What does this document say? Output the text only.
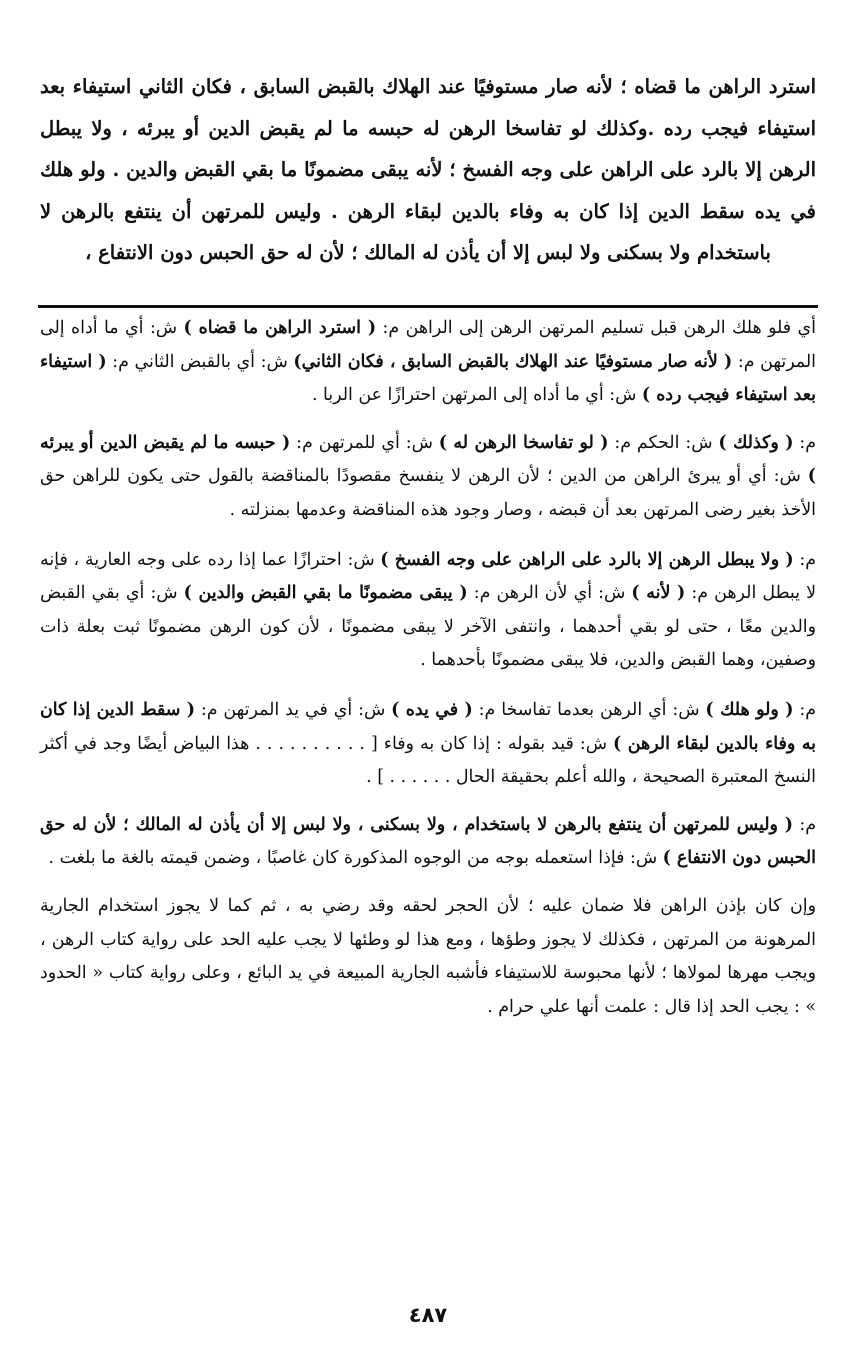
استرد الراهن ما قضاه ؛ لأنه صار مستوفيًا عند الهلاك بالقبض السابق ، فكان الثاني استيفاء بعد استيفاء فيجب رده .وكذلك لو تفاسخا الرهن له حبسه ما لم يقبض الدين أو يبرئه ، ولا يبطل الرهن إلا بالرد على الراهن على وجه الفسخ ؛ لأنه يبقى مضمونًا ما بقي القبض والدين . ولو هلك في يده سقط الدين إذا كان به وفاء بالدين لبقاء الرهن . وليس للمرتهن أن ينتفع بالرهن لا باستخدام ولا بسكنى ولا لبس إلا أن يأذن له المالك ؛ لأن له حق الحبس دون الانتفاع ،

أي فلو هلك الرهن قبل تسليم المرتهن الرهن إلى الراهن م: ( استرد الراهن ما قضاه ) ش: أي ما أداه إلى المرتهن م: ( لأنه صار مستوفيًا عند الهلاك بالقبض السابق ، فكان الثاني) ش: أي بالقبض الثاني م: ( استيفاء بعد استيفاء فيجب رده ) ش: أي ما أداه إلى المرتهن احترازًا عن الربا .

م: ( وكذلك ) ش: الحكم م: ( لو تفاسخا الرهن له ) ش: أي للمرتهن م: ( حبسه ما لم يقبض الدين أو يبرئه ) ش: أي أو يبرئ الراهن من الدين ؛ لأن الرهن لا ينفسخ مقصودًا بالمناقضة بالقول حتى يكون للراهن حق الأخذ بغير رضى المرتهن بعد أن قبضه ، وصار وجود هذه المناقضة وعدمها بمنزلته .

م: ( ولا يبطل الرهن إلا بالرد على الراهن على وجه الفسخ ) ش: احترازًا عما إذا رده على وجه العارية ، فإنه لا يبطل الرهن م: ( لأنه ) ش: أي لأن الرهن م: ( يبقى مضمونًا ما بقي القبض والدين ) ش: أي بقي القبض والدين معًا ، حتى لو بقي أحدهما ، وانتفى الآخر لا يبقى مضمونًا ، لأن كون الرهن مضمونًا ثبت بعلة ذات وصفين، وهما القبض والدين، فلا يبقى مضمونًا بأحدهما .

م: ( ولو هلك ) ش: أي الرهن بعدما تفاسخا م: ( في يده ) ش: أي في يد المرتهن م: ( سقط الدين إذا كان به وفاء بالدين لبقاء الرهن ) ش: قيد بقوله : إذا كان به وفاء [ . . . . . . . . . . هذا البياض أيضًا وجد في أكثر النسخ المعتبرة الصحيحة ، والله أعلم بحقيقة الحال . . . . . . ] .

م: ( وليس للمرتهن أن ينتفع بالرهن لا باستخدام ، ولا بسكنى ، ولا لبس إلا أن يأذن له المالك ؛ لأن له حق الحبس دون الانتفاع ) ش: فإذا استعمله بوجه من الوجوه المذكورة كان غاصبًا ، وضمن قيمته بالغة ما بلغت .

وإن كان بإذن الراهن فلا ضمان عليه ؛ لأن الحجر لحقه وقد رضي به ، ثم كما لا يجوز استخدام الجارية المرهونة من المرتهن ، فكذلك لا يجوز وطؤها ، ومع هذا لو وطئها لا يجب عليه الحد على رواية كتاب الرهن ، ويجب مهرها لمولاها ؛ لأنها محبوسة للاستيفاء فأشبه الجارية المبيعة في يد البائع ، وعلى رواية كتاب « الحدود » : يجب الحد إذا قال : علمت أنها علي حرام .

٤٨٧
